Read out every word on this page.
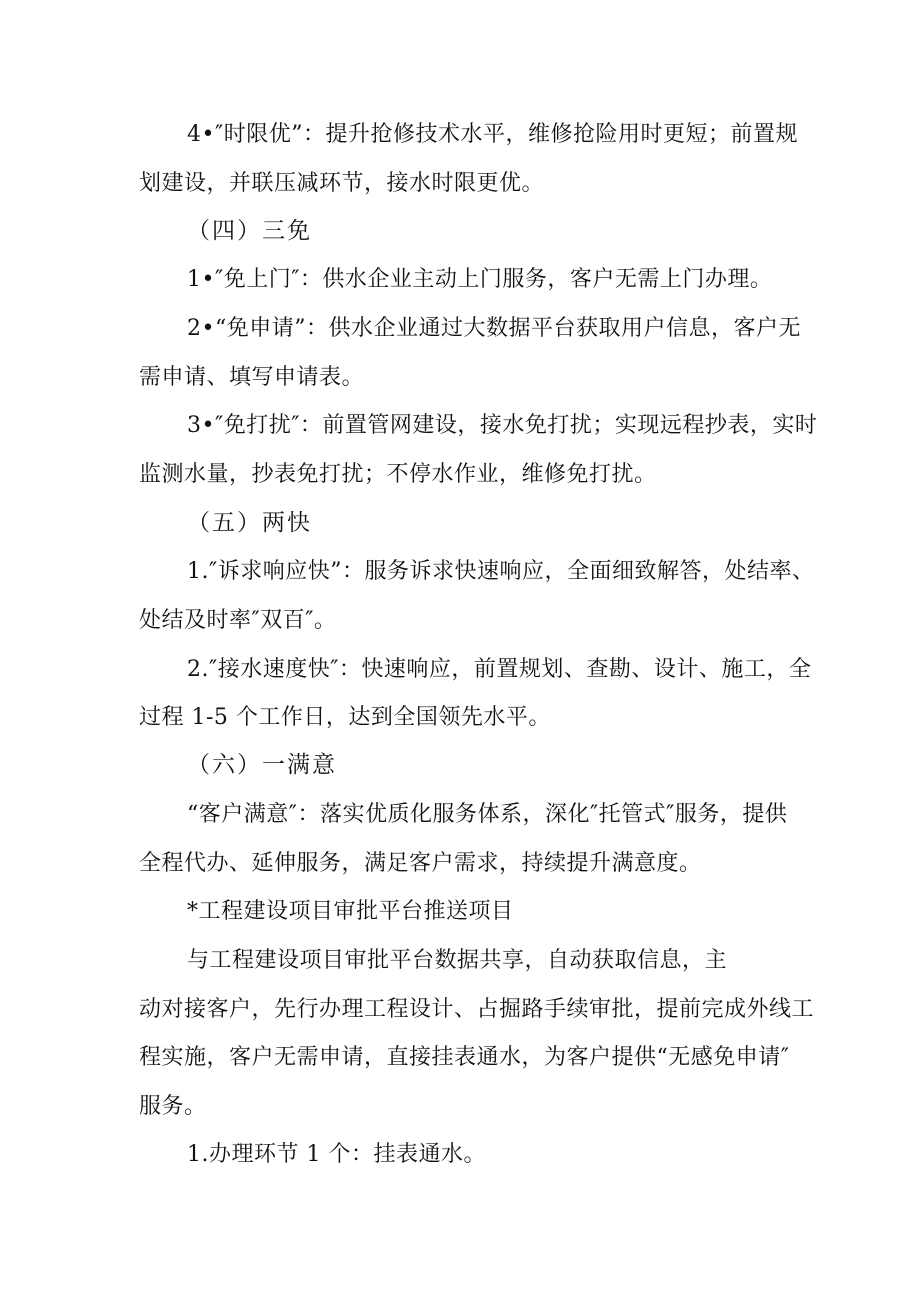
4•″时限优”：提升抢修技术水平，维修抢险用时更短；前置规
划建设，并联压减环节，接水时限更优。
（四）三免
1•″免上门″：供水企业主动上门服务，客户无需上门办理。
2•“免申请”：供水企业通过大数据平台获取用户信息，客户无
需申请、填写申请表。
3•″免打扰″：前置管网建设，接水免打扰；实现远程抄表，实时
监测水量，抄表免打扰；不停水作业，维修免打扰。
（五）两快
1.″诉求响应快”：服务诉求快速响应，全面细致解答，处结率、
处结及时率″双百″。
2.″接水速度快″：快速响应，前置规划、查勘、设计、施工，全
过程 1-5 个工作日，达到全国领先水平。
（六）一满意
“客户满意″：落实优质化服务体系，深化″托管式″服务，提供
全程代办、延伸服务，满足客户需求，持续提升满意度。
*工程建设项目审批平台推送项目
与工程建设项目审批平台数据共享，自动获取信息，主
动对接客户，先行办理工程设计、占掘路手续审批，提前完成外线工
程实施，客户无需申请，直接挂表通水，为客户提供“无感免申请″
服务。
1.办理环节 1 个：挂表通水。
